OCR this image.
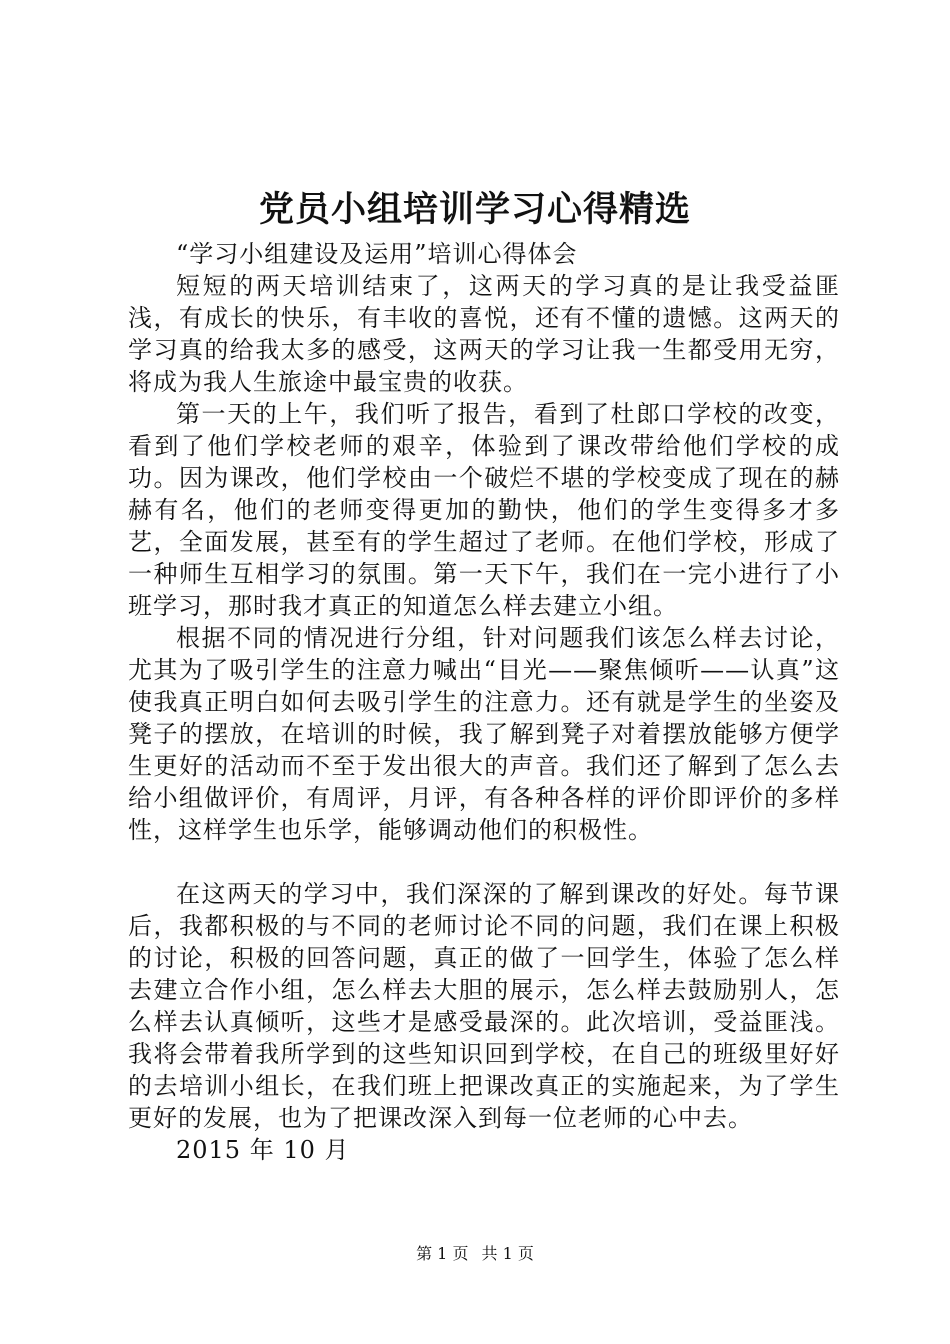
党员小组培训学习心得精选

“学习小组建设及运用”培训心得体会

短短的两天培训结束了，这两天的学习真的是让我受益匪浅，有成长的快乐，有丰收的喜悦，还有不懂的遗憾。这两天的学习真的给我太多的感受，这两天的学习让我一生都受用无穷，将成为我人生旅途中最宝贵的收获。

第一天的上午，我们听了报告，看到了杜郎口学校的改变，看到了他们学校老师的艰辛，体验到了课改带给他们学校的成功。因为课改，他们学校由一个破烂不堪的学校变成了现在的赫赫有名，他们的老师变得更加的勤快，他们的学生变得多才多艺，全面发展，甚至有的学生超过了老师。在他们学校，形成了一种师生互相学习的氛围。第一天下午，我们在一完小进行了小班学习，那时我才真正的知道怎么样去建立小组。

根据不同的情况进行分组，针对问题我们该怎么样去讨论，尤其为了吸引学生的注意力喊出“目光——聚焦倾听——认真”这使我真正明白如何去吸引学生的注意力。还有就是学生的坐姿及凳子的摆放，在培训的时候，我了解到凳子对着摆放能够方便学生更好的活动而不至于发出很大的声音。我们还了解到了怎么去给小组做评价，有周评，月评，有各种各样的评价即评价的多样性，这样学生也乐学，能够调动他们的积极性。

在这两天的学习中，我们深深的了解到课改的好处。每节课后，我都积极的与不同的老师讨论不同的问题，我们在课上积极的讨论，积极的回答问题，真正的做了一回学生，体验了怎么样去建立合作小组，怎么样去大胆的展示，怎么样去鼓励别人，怎么样去认真倾听，这些才是感受最深的。此次培训，受益匪浅。我将会带着我所学到的这些知识回到学校，在自己的班级里好好的去培训小组长，在我们班上把课改真正的实施起来，为了学生更好的发展，也为了把课改深入到每一位老师的心中去。

2015 年 10 月

第 1 页 共 1 页
